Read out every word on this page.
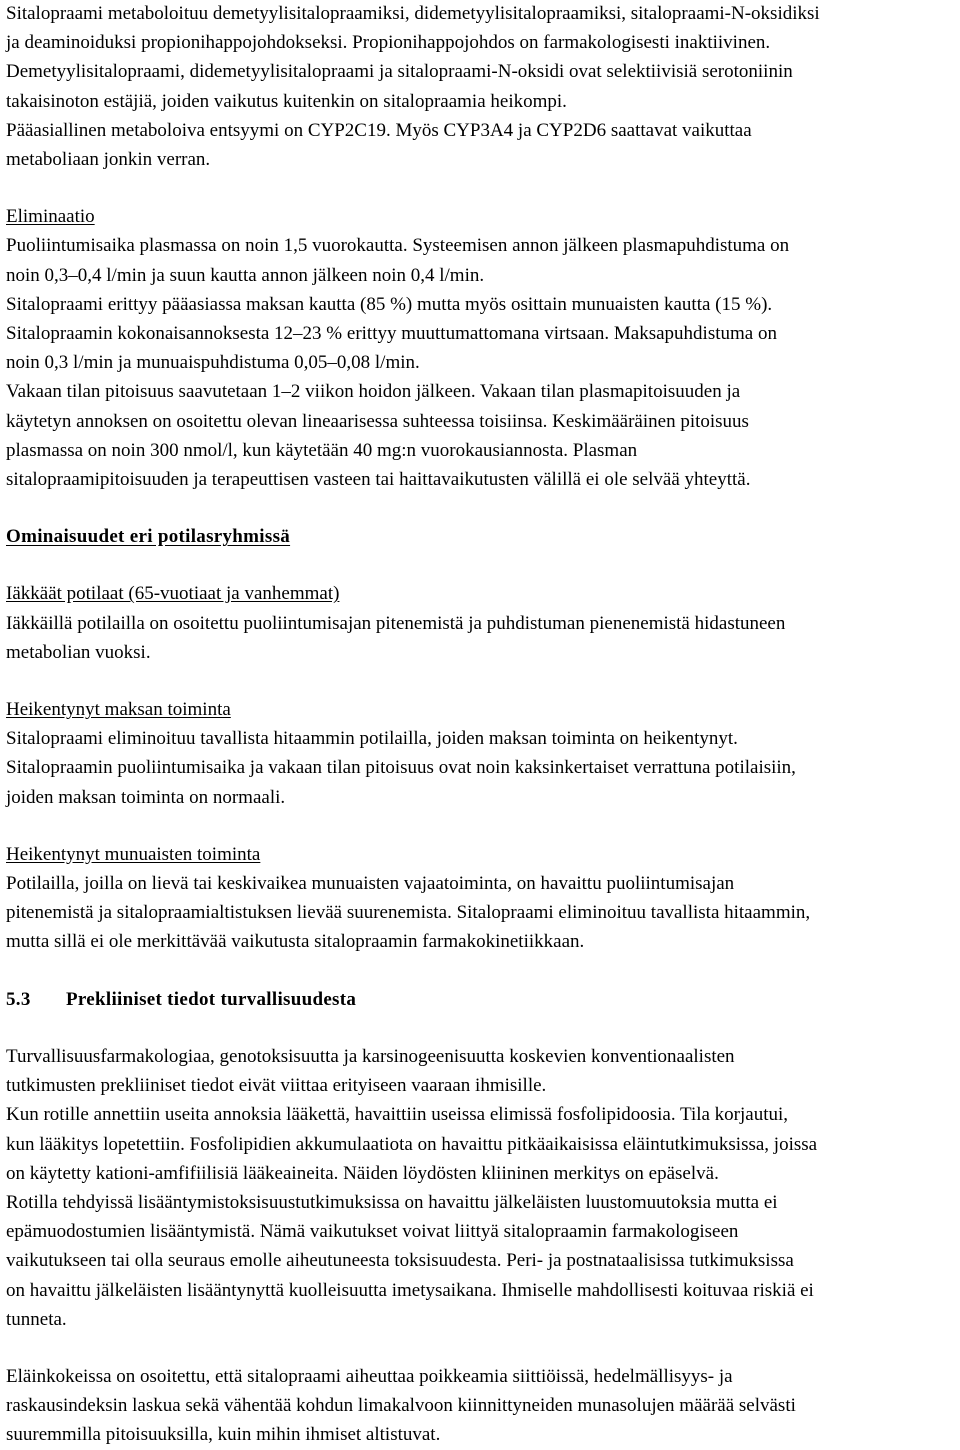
Sitalopraami metaboloituu demetyylisitalopraamiksi, didemetyylisitalopraamiksi, sitalopraami-N-oksidiksi
ja deaminoiduksi propionihappojohdokseksi. Propionihappojohdos on farmakologisesti inaktiivinen.
Demetyylisitalopraami, didemetyylisitalopraami ja sitalopraami-N-oksidi ovat selektiivisiä serotoniinin
takaisinoton estäjiä, joiden vaikutus kuitenkin on sitalopraamia heikompi.
Pääasiallinen metaboloiva entsyymi on CYP2C19. Myös CYP3A4 ja CYP2D6 saattavat vaikuttaa
metaboliaan jonkin verran.
Eliminaatio
Puoliintumisaika plasmassa on noin 1,5 vuorokautta. Systeemisen annon jälkeen plasmapuhdistuma on
noin 0,3–0,4 l/min ja suun kautta annon jälkeen noin 0,4 l/min.
Sitalopraami erittyy pääasiassa maksan kautta (85 %) mutta myös osittain munuaisten kautta (15 %).
Sitalopraamin kokonaisannoksesta 12–23 % erittyy muuttumattomana virtsaan. Maksapuhdistuma on
noin 0,3 l/min ja munuaispuhdistuma 0,05–0,08 l/min.
Vakaan tilan pitoisuus saavutetaan 1–2 viikon hoidon jälkeen. Vakaan tilan plasmapitoisuuden ja
käytetyn annoksen on osoitettu olevan lineaarisessa suhteessa toisiinsa. Keskimääräinen pitoisuus
plasmassa on noin 300 nmol/l, kun käytetään 40 mg:n vuorokausiannosta. Plasman
sitalopraamipitoisuuden ja terapeuttisen vasteen tai haittavaikutusten välillä ei ole selvää yhteyttä.
Ominaisuudet eri potilasryhmissä
Iäkkäät potilaat (65-vuotiaat ja vanhemmat)
Iäkkäillä potilailla on osoitettu puoliintumisajan pitenemistä ja puhdistuman pienenemistä hidastuneen
metabolian vuoksi.
Heikentynyt maksan toiminta
Sitalopraami eliminoituu tavallista hitaammin potilailla, joiden maksan toiminta on heikentynyt.
Sitalopraamin puoliintumisaika ja vakaan tilan pitoisuus ovat noin kaksinkertaiset verrattuna potilaisiin,
joiden maksan toiminta on normaali.
Heikentynyt munuaisten toiminta
Potilailla, joilla on lievä tai keskivaikea munuaisten vajaatoiminta, on havaittu puoliintumisajan
pitenemistä ja sitalopraamialtistuksen lievää suurenemista. Sitalopraami eliminoituu tavallista hitaammin,
mutta sillä ei ole merkittävää vaikutusta sitalopraamin farmakokinetiikkaan.
5.3 Prekliiniset tiedot turvallisuudesta
Turvallisuusfarmakologiaa, genotoksisuutta ja karsinogeenisuutta koskevien konventionaalisten
tutkimusten prekliiniset tiedot eivät viittaa erityiseen vaaraan ihmisille.
Kun rotille annettiin useita annoksia lääkettä, havaittiin useissa elimissä fosfolipidoosia. Tila korjautui,
kun lääkitys lopetettiin. Fosfolipidien akkumulaatiota on havaittu pitkäaikaisissa eläintutkimuksissa, joissa
on käytetty kationi-amfifiilisiä lääkeaineita. Näiden löydösten kliininen merkitys on epäselvä.
Rotilla tehdyissä lisääntymistoksisuustutkimuksissa on havaittu jälkeläisten luustomuutoksia mutta ei
epämuodostumien lisääntymistä. Nämä vaikutukset voivat liittyä sitalopraamin farmakologiseen
vaikutukseen tai olla seuraus emolle aiheutuneesta toksisuudesta. Peri- ja postnataalisissa tutkimuksissa
on havaittu jälkeläisten lisääntynyttä kuolleisuutta imetysaikana. Ihmiselle mahdollisesti koituvaa riskiä ei
tunneta.
Eläinkokeissa on osoitettu, että sitalopraami aiheuttaa poikkeamia siittiöissä, hedelmällisyys- ja
raskausindeksin laskua sekä vähentää kohdun limakalvoon kiinnittyneiden munasolujen määrää selvästi
suuremmilla pitoisuuksilla, kuin mihin ihmiset altistuvat.
